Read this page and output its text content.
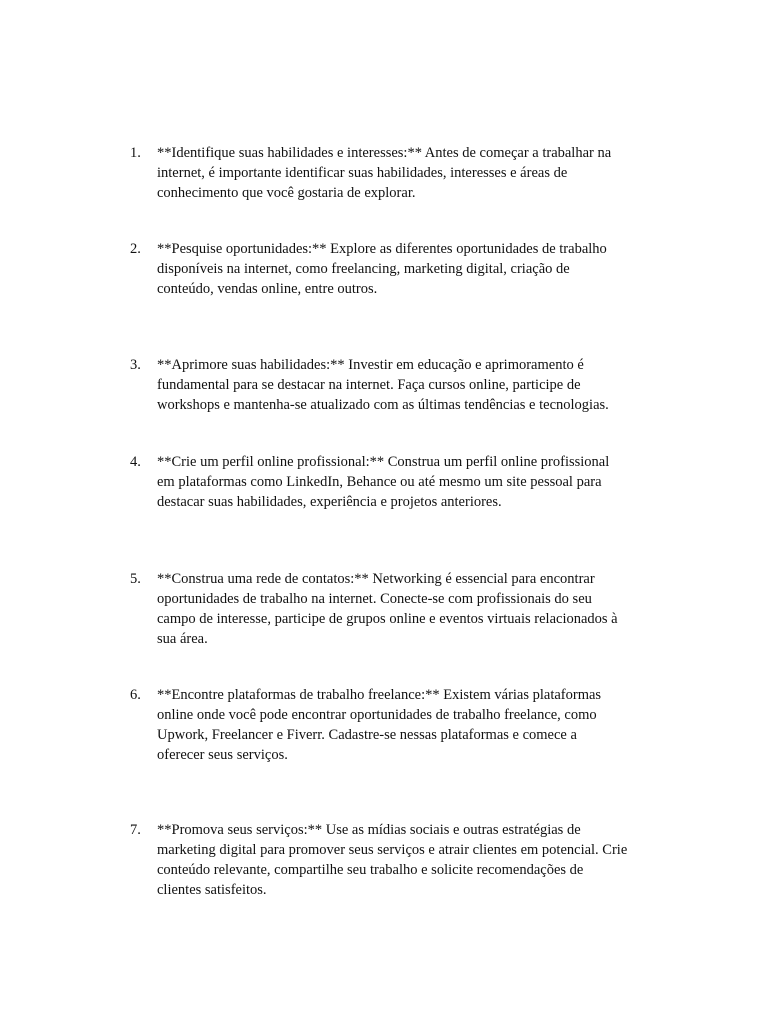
1.	**Identifique suas habilidades e interesses:** Antes de começar a trabalhar na
internet, é importante identificar suas habilidades, interesses e áreas de
conhecimento que você gostaria de explorar.
2.	**Pesquise oportunidades:** Explore as diferentes oportunidades de trabalho
disponíveis na internet, como freelancing, marketing digital, criação de
conteúdo, vendas online, entre outros.
3.	**Aprimore suas habilidades:** Investir em educação e aprimoramento é
fundamental para se destacar na internet. Faça cursos online, participe de
workshops e mantenha-se atualizado com as últimas tendências e tecnologias.
4.	**Crie um perfil online profissional:** Construa um perfil online profissional
em plataformas como LinkedIn, Behance ou até mesmo um site pessoal para
destacar suas habilidades, experiência e projetos anteriores.
5.	**Construa uma rede de contatos:** Networking é essencial para encontrar
oportunidades de trabalho na internet. Conecte-se com profissionais do seu
campo de interesse, participe de grupos online e eventos virtuais relacionados à
sua área.
6.	**Encontre plataformas de trabalho freelance:** Existem várias plataformas
online onde você pode encontrar oportunidades de trabalho freelance, como
Upwork, Freelancer e Fiverr. Cadastre-se nessas plataformas e comece a
oferecer seus serviços.
7.	**Promova seus serviços:** Use as mídias sociais e outras estratégias de
marketing digital para promover seus serviços e atrair clientes em potencial. Crie
conteúdo relevante, compartilhe seu trabalho e solicite recomendações de
clientes satisfeitos.
